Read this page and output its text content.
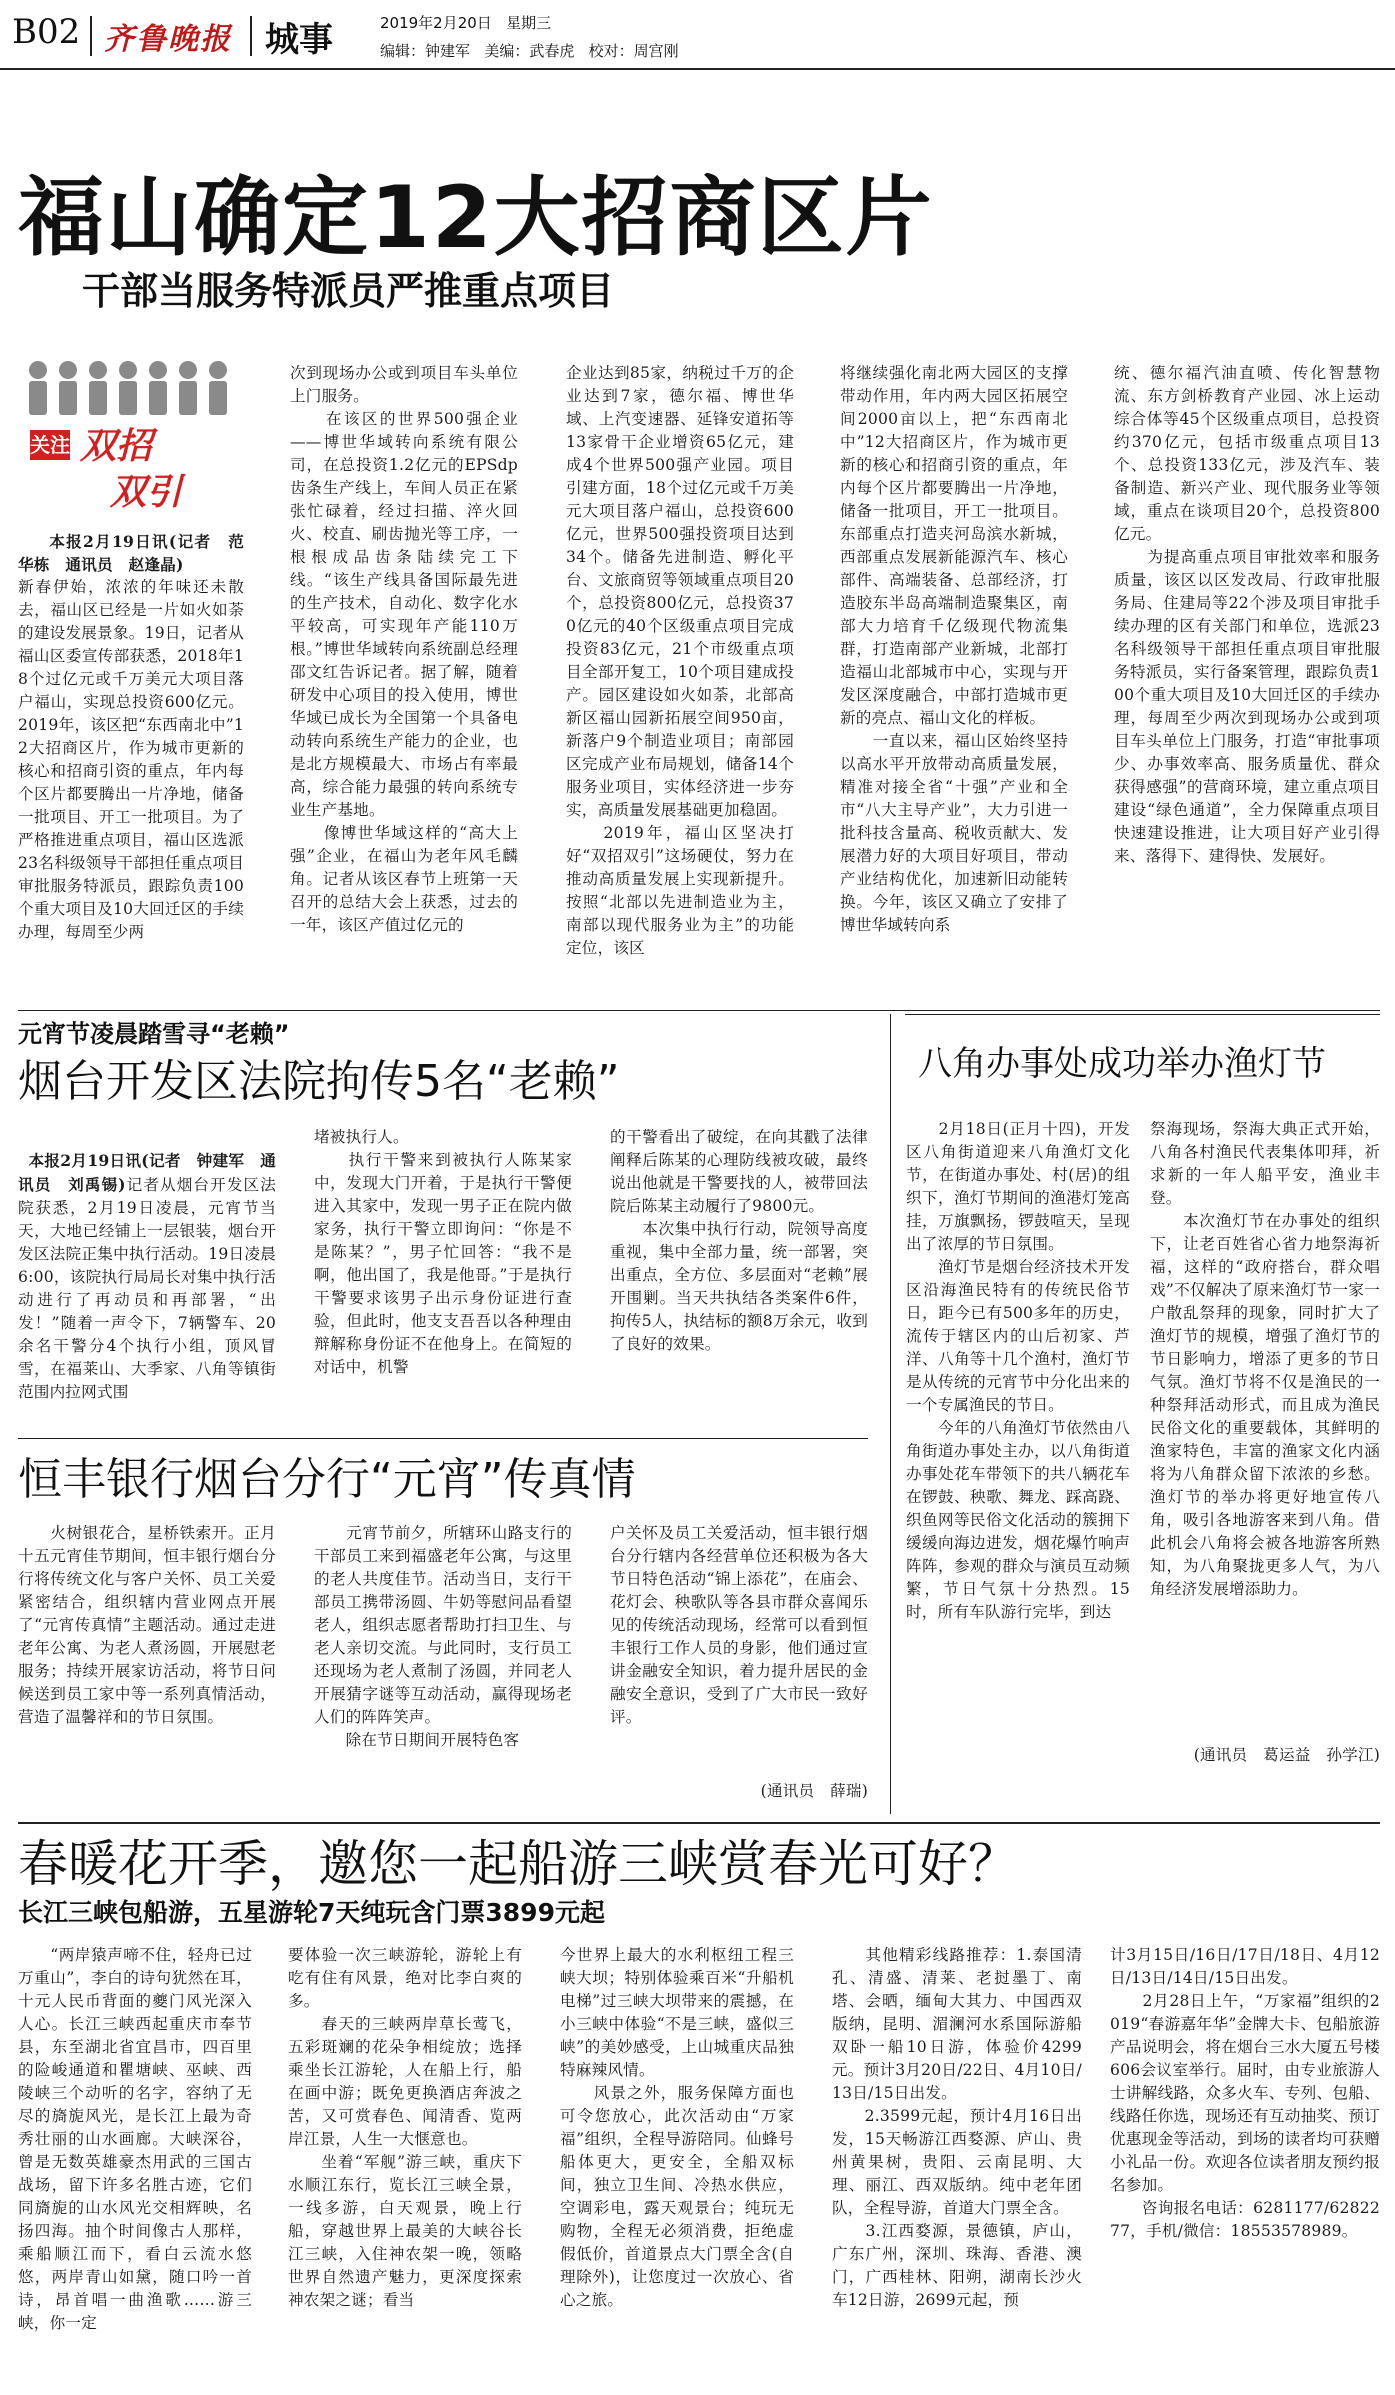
B02 齐鲁晚报 城事	2019年2月20日 星期三
编辑：钟建军 美编：武春虎 校对：周宫刚
福山确定12大招商区片
干部当服务特派员严推重点项目
关注 双招
双引
本报2月19日讯(记者　范华栋　通讯员　赵逢晶)
新春伊始，浓浓的年味还未散去，福山区已经是一片如火如荼的建设发展景象。19日，记者从福山区委宣传部获悉，2018年18个过亿元或千万美元大项目落户福山，实现总投资600亿元。2019年，该区把“东西南北中”12大招商区片，作为城市更新的核心和招商引资的重点，年内每个区片都要腾出一片净地，储备一批项目、开工一批项目。为了严格推进重点项目，福山区选派23名科级领导干部担任重点项目审批服务特派员，跟踪负责100个重大项目及10大回迁区的手续办理，每周至少两
次到现场办公或到项目车头单位上门服务。
　　在该区的世界500强企业——博世华域转向系统有限公司，在总投资1.2亿元的EPSdp齿条生产线上，车间人员正在紧张忙碌着，经过扫描、淬火回火、校直、刷齿抛光等工序，一根根成品齿条陆续完工下线。“该生产线具备国际最先进的生产技术，自动化、数字化水平较高，可实现年产能110万根。”博世华域转向系统副总经理邵文红告诉记者。据了解，随着研发中心项目的投入使用，博世华域已成长为全国第一个具备电动转向系统生产能力的企业，也是北方规模最大、市场占有率最高，综合能力最强的转向系统专业生产基地。
　　像博世华域这样的“高大上强”企业，在福山为老年风毛麟角。记者从该区春节上班第一天召开的总结大会上获悉，过去的一年，该区产值过亿元的
企业达到85家，纳税过千万的企业达到7家，德尔福、博世华域、上汽变速器、延锋安道拓等13家骨干企业增资65亿元，建成4个世界500强产业园。项目引建方面，18个过亿元或千万美元大项目落户福山，总投资600亿元，世界500强投资项目达到34个。储备先进制造、孵化平台、文旅商贸等领域重点项目20个，总投资800亿元，总投资370亿元的40个区级重点项目完成投资83亿元，21个市级重点项目全部开复工，10个项目建成投产。园区建设如火如荼，北部高新区福山园新拓展空间950亩，新落户9个制造业项目；南部园区完成产业布局规划，储备14个服务业项目，实体经济进一步夯实，高质量发展基础更加稳固。
　　2019年，福山区坚决打好“双招双引”这场硬仗，努力在推动高质量发展上实现新提升。按照“北部以先进制造业为主，南部以现代服务业为主”的功能定位，该区
将继续强化南北两大园区的支撑带动作用，年内两大园区拓展空间2000亩以上，把“东西南北中”12大招商区片，作为城市更新的核心和招商引资的重点，年内每个区片都要腾出一片净地，储备一批项目，开工一批项目。东部重点打造夹河岛滨水新城，西部重点发展新能源汽车、核心部件、高端装备、总部经济，打造胶东半岛高端制造聚集区，南部大力培育千亿级现代物流集群，打造南部产业新城，北部打造福山北部城市中心，实现与开发区深度融合，中部打造城市更新的亮点、福山文化的样板。
　　一直以来，福山区始终坚持以高水平开放带动高质量发展，精准对接全省“十强”产业和全市“八大主导产业”，大力引进一批科技含量高、税收贡献大、发展潜力好的大项目好项目，带动产业结构优化，加速新旧动能转换。今年，该区又确立了安排了博世华域转向系
统、德尔福汽油直喷、传化智慧物流、东方剑桥教育产业园、冰上运动综合体等45个区级重点项目，总投资约370亿元，包括市级重点项目13个、总投资133亿元，涉及汽车、装备制造、新兴产业、现代服务业等领域，重点在谈项目20个，总投资800亿元。
　　为提高重点项目审批效率和服务质量，该区以区发改局、行政审批服务局、住建局等22个涉及项目审批手续办理的区有关部门和单位，选派23名科级领导干部担任重点项目审批服务特派员，实行备案管理，跟踪负责100个重大项目及10大回迁区的手续办理，每周至少两次到现场办公或到项目车头单位上门服务，打造“审批事项少、办事效率高、服务质量优、群众获得感强”的营商环境，建立重点项目建设“绿色通道”，全力保障重点项目快速建设推进，让大项目好产业引得来、落得下、建得快、发展好。
元宵节凌晨踏雪寻“老赖”
烟台开发区法院拘传5名“老赖”

本报2月19日讯(记者　钟建军　通讯员　刘禹锡)记者从烟台开发区法院获悉，2月19日凌晨，元宵节当天，大地已经铺上一层银装，烟台开发区法院正集中执行活动。19日凌晨6:00，该院执行局局长对集中执行活动进行了再动员和再部署，“出发！”随着一声令下，7辆警车、20余名干警分4个执行小组，顶风冒雪，在福莱山、大季家、八角等镇街范围内拉网式围

堵被执行人。
　　执行干警来到被执行人陈某家中，发现大门开着，于是执行干警便进入其家中，发现一男子正在院内做家务，执行干警立即询问：“你是不是陈某？”，男子忙回答：“我不是啊，他出国了，我是他哥。”于是执行干警要求该男子出示身份证进行查验，但此时，他支支吾吾以各种理由辩解称身份证不在他身上。在简短的对话中，机警
的干警看出了破绽，在向其戳了法律阐释后陈某的心理防线被攻破，最终说出他就是干警要找的人，被带回法院后陈某主动履行了9800元。
　　本次集中执行行动，院领导高度重视，集中全部力量，统一部署，突出重点，全方位、多层面对“老赖”展开围剿。当天共执结各类案件6件，拘传5人，执结标的额8万余元，收到了良好的效果。
恒丰银行烟台分行“元宵”传真情
　　火树银花合，星桥铁索开。正月十五元宵佳节期间，恒丰银行烟台分行将传统文化与客户关怀、员工关爱紧密结合，组织辖内营业网点开展了“元宵传真情”主题活动。通过走进老年公寓、为老人煮汤圆，开展慰老服务；持续开展家访活动，将节日问候送到员工家中等一系列真情活动，营造了温馨祥和的节日氛围。
　　元宵节前夕，所辖环山路支行的干部员工来到福盛老年公寓，与这里的老人共度佳节。活动当日，支行干部员工携带汤圆、牛奶等慰问品看望老人，组织志愿者帮助打扫卫生、与老人亲切交流。与此同时，支行员工还现场为老人煮制了汤圆，并同老人开展猜字谜等互动活动，赢得现场老人们的阵阵笑声。
　　除在节日期间开展特色客
户关怀及员工关爱活动，恒丰银行烟台分行辖内各经营单位还积极为各大节日特色活动“锦上添花”，在庙会、花灯会、秧歌队等各县市群众喜闻乐见的传统活动现场，经常可以看到恒丰银行工作人员的身影，他们通过宣讲金融安全知识，着力提升居民的金融安全意识，受到了广大市民一致好评。
(通讯员　薛瑞)
八角办事处成功举办渔灯节
　　2月18日(正月十四)，开发区八角街道迎来八角渔灯文化节，在街道办事处、村(居)的组织下，渔灯节期间的渔港灯笼高挂，万旗飘扬，锣鼓喧天，呈现出了浓厚的节日氛围。
　　渔灯节是烟台经济技术开发区沿海渔民特有的传统民俗节日，距今已有500多年的历史，流传于辖区内的山后初家、芦洋、八角等十几个渔村，渔灯节是从传统的元宵节中分化出来的一个专属渔民的节日。
　　今年的八角渔灯节依然由八角街道办事处主办，以八角街道办事处花车带领下的共八辆花车在锣鼓、秧歌、舞龙、踩高跷、织鱼网等民俗文化活动的簇拥下缓缓向海边进发，烟花爆竹响声阵阵，参观的群众与演员互动频繁，节日气氛十分热烈。15时，所有车队游行完毕，到达
祭海现场，祭海大典正式开始，八角各村渔民代表集体叩拜，祈求新的一年人船平安，渔业丰登。
　　本次渔灯节在办事处的组织下，让老百姓省心省力地祭海祈福，这样的“政府搭台，群众唱戏”不仅解决了原来渔灯节一家一户散乱祭拜的现象，同时扩大了渔灯节的规模，增强了渔灯节的节日影响力，增添了更多的节日气氛。渔灯节将不仅是渔民的一种祭拜活动形式，而且成为渔民民俗文化的重要载体，其鲜明的渔家特色，丰富的渔家文化内涵将为八角群众留下浓浓的乡愁。渔灯节的举办将更好地宣传八角，吸引各地游客来到八角。借此机会八角将会被各地游客所熟知，为八角聚拢更多人气，为八角经济发展增添助力。
(通讯员　葛运益　孙学江)
春暖花开季，邀您一起船游三峡赏春光可好？
长江三峡包船游，五星游轮7天纯玩含门票3899元起
　　“两岸猿声啼不住，轻舟已过万重山”，李白的诗句犹然在耳，十元人民币背面的夔门风光深入人心。长江三峡西起重庆市奉节县，东至湖北省宜昌市，四百里的险峻通道和瞿塘峡、巫峡、西陵峡三个动听的名字，容纳了无尽的旖旎风光，是长江上最为奇秀壮丽的山水画廊。大峡深谷，曾是无数英雄豪杰用武的三国古战场，留下许多名胜古迹，它们同旖旎的山水风光交相辉映，名扬四海。抽个时间像古人那样，乘船顺江而下，看白云流水悠悠，两岸青山如黛，随口吟一首诗，昂首唱一曲渔歌……游三峡，你一定
要体验一次三峡游轮，游轮上有吃有住有风景，绝对比李白爽的多。
　　春天的三峡两岸草长莺飞，五彩斑斓的花朵争相绽放；选择乘坐长江游轮，人在船上行，船在画中游；既免更换酒店奔波之苦，又可赏春色、闻清香、览两岸江景，人生一大惬意也。
　　坐着“军舰”游三峡，重庆下水顺江东行，览长江三峡全景，一线多游，白天观景，晚上行船，穿越世界上最美的大峡谷长江三峡，入住神农架一晚，领略世界自然遗产魅力，更深度探索神农架之谜；看当
今世界上最大的水利枢纽工程三峡大坝；特别体验乘百米“升船机电梯”过三峡大坝带来的震撼，在小三峡中体验“不是三峡，盛似三峡”的美妙感受，上山城重庆品独特麻辣风情。
　　风景之外，服务保障方面也可令您放心，此次活动由“万家福”组织，全程导游陪同。仙蜂号船体更大，更安全，全船双标间，独立卫生间、冷热水供应，空调彩电，露天观景台；纯玩无购物，全程无必须消费，拒绝虚假低价，首道景点大门票全含(自理除外)，让您度过一次放心、省心之旅。
　　其他精彩线路推荐：1.泰国清孔、清盛、清莱、老挝墨丁、南塔、会晒，缅甸大其力、中国西双版纳，昆明、湄澜河水系国际游船双卧一船10日游，体验价4299元。预计3月20日/22日、4月10日/13日/15日出发。
　　2.3599元起，预计4月16日出发，15天畅游江西婺源、庐山、贵州黄果树，贵阳、云南昆明、大理、丽江、西双版纳。纯中老年团队，全程导游，首道大门票全含。
　　3.江西婺源，景德镇，庐山，广东广州，深圳、珠海、香港、澳门，广西桂林、阳朔，湖南长沙火车12日游，2699元起，预
计3月15日/16日/17日/18日、4月12日/13日/14日/15日出发。
　　2月28日上午，“万家福”组织的2019“春游嘉年华”金牌大卡、包船旅游产品说明会，将在烟台三水大厦五号楼606会议室举行。届时，由专业旅游人士讲解线路，众多火车、专列、包船、线路任你选，现场还有互动抽奖、预订优惠现金等活动，到场的读者均可获赠小礼品一份。欢迎各位读者朋友预约报名参加。
　　咨询报名电话：6281177/6282277，手机/微信：18553578989。
